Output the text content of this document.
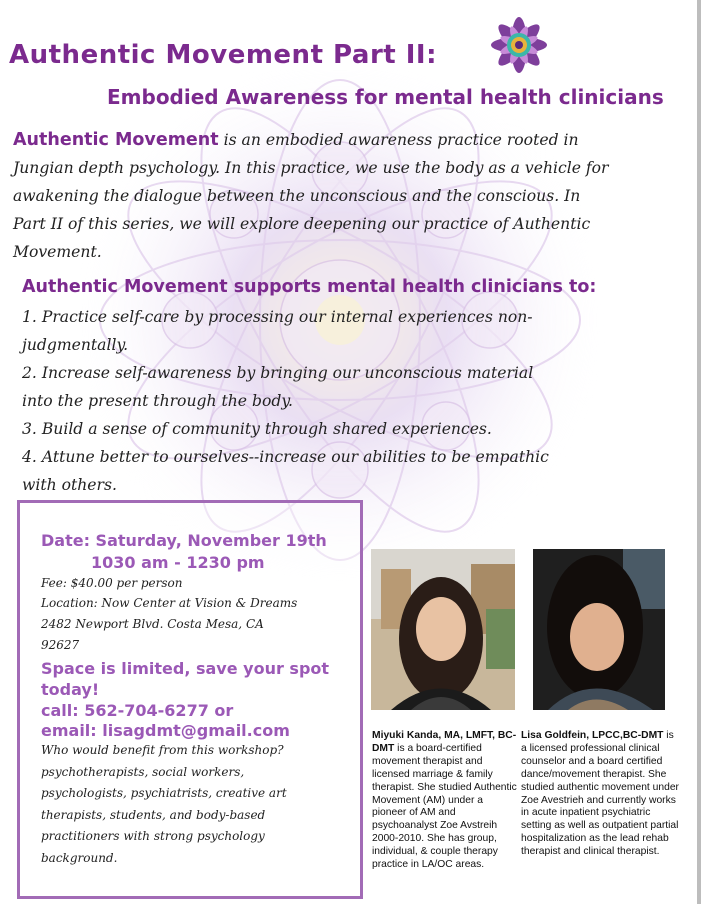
Authentic Movement Part II:
Embodied Awareness for mental health clinicians
Authentic Movement is an embodied awareness practice rooted in
Jungian depth psychology. In this practice, we use the body as a vehicle for
awakening the dialogue between the unconscious and the conscious. In
Part II of this series, we will explore deepening our practice of Authentic
Movement.
Authentic Movement supports mental health clinicians to:
1. Practice self-care by processing our internal experiences non-
judgmentally.
2. Increase self-awareness by bringing our unconscious material
into the present through the body.
3. Build a sense of community through shared experiences.
4. Attune better to ourselves--increase our abilities to be empathic
with others.
Date: Saturday, November 19th
1030 am - 1230 pm
Fee: $40.00 per person
Location: Now Center at Vision & Dreams
2482 Newport Blvd. Costa Mesa, CA
92627
Space is limited, save your spot today!
call: 562-704-6277 or
email: lisagdmt@gmail.com
Who would benefit from this workshop?
psychotherapists, social workers,
psychologists, psychiatrists, creative art
therapists, students, and body-based
practitioners with strong psychology
background.
Miyuki Kanda, MA, LMFT, BC-DMT is a board-certified movement therapist and licensed marriage & family therapist. She studied Authentic Movement (AM) under a pioneer of AM and psychoanalyst Zoe Avstreih 2000-2010. She has group, individual, & couple therapy practice in LA/OC areas.
Lisa Goldfein, LPCC,BC-DMT is a licensed professional clinical counselor and a board certified dance/movement therapist. She studied authentic movement under Zoe Avestrieh and currently works in acute inpatient psychiatric setting as well as outpatient partial hospitalization as the lead rehab therapist and clinical therapist.
